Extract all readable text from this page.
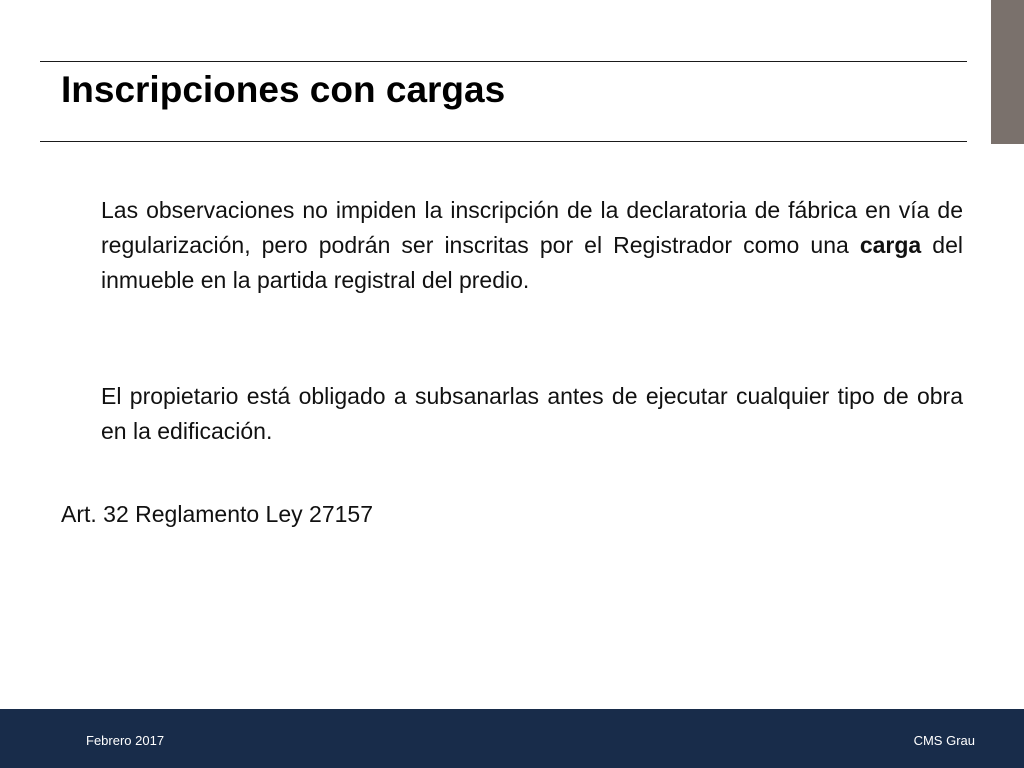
Inscripciones con cargas

Las observaciones no impiden la inscripción de la declaratoria de fábrica en vía de regularización, pero podrán ser inscritas por el Registrador como una carga del inmueble en la partida registral del predio.

El propietario está obligado a subsanarlas antes de ejecutar cualquier tipo de obra en la edificación.

Art. 32 Reglamento Ley 27157

Febrero 2017	CMS Grau
